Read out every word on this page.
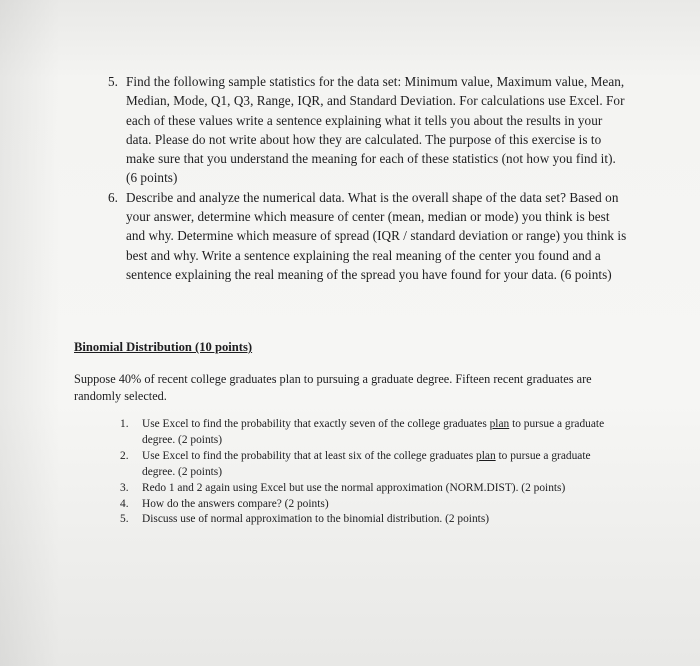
5. Find the following sample statistics for the data set: Minimum value, Maximum value, Mean, Median, Mode, Q1, Q3, Range, IQR, and Standard Deviation. For calculations use Excel. For each of these values write a sentence explaining what it tells you about the results in your data. Please do not write about how they are calculated. The purpose of this exercise is to make sure that you understand the meaning for each of these statistics (not how you find it). (6 points)
6. Describe and analyze the numerical data. What is the overall shape of the data set? Based on your answer, determine which measure of center (mean, median or mode) you think is best and why. Determine which measure of spread (IQR / standard deviation or range) you think is best and why. Write a sentence explaining the real meaning of the center you found and a sentence explaining the real meaning of the spread you have found for your data. (6 points)
Binomial Distribution (10 points)
Suppose 40% of recent college graduates plan to pursuing a graduate degree. Fifteen recent graduates are randomly selected.
1. Use Excel to find the probability that exactly seven of the college graduates plan to pursue a graduate degree. (2 points)
2. Use Excel to find the probability that at least six of the college graduates plan to pursue a graduate degree. (2 points)
3. Redo 1 and 2 again using Excel but use the normal approximation (NORM.DIST). (2 points)
4. How do the answers compare? (2 points)
5. Discuss use of normal approximation to the binomial distribution. (2 points)
